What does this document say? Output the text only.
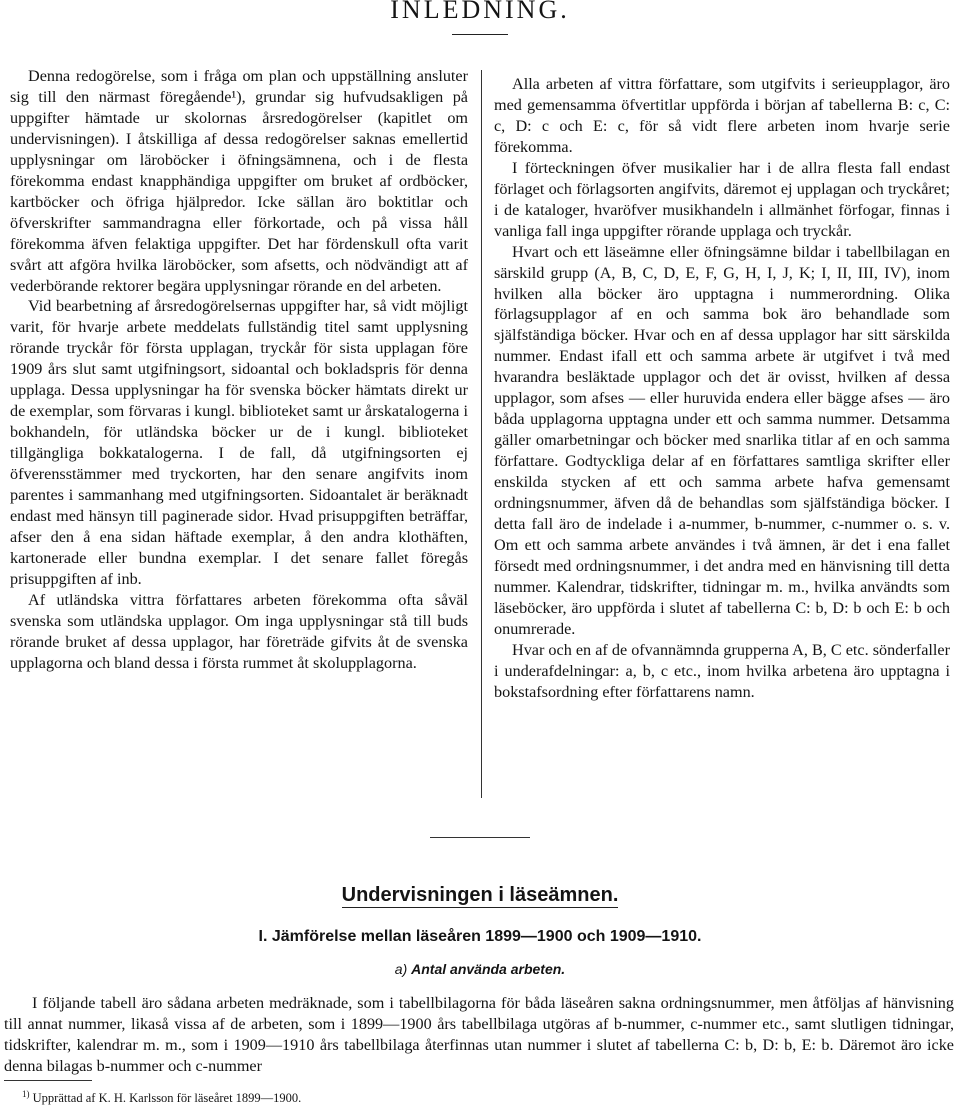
INLEDNING.

Denna redogörelse, som i fråga om plan och uppställning ansluter sig till den närmast föregående¹), grundar sig hufvudsakligen på uppgifter hämtade ur skolornas årsredogörelser (kapitlet om undervisningen). I åtskilliga af dessa redogörelser saknas emellertid upplysningar om läroböcker i öfningsämnena, och i de flesta förekomma endast knapphändiga uppgifter om bruket af ordböcker, kartböcker och öfriga hjälpredor. Icke sällan äro boktitlar och öfverskrifter sammandragna eller förkortade, och på vissa håll förekomma äfven felaktiga uppgifter. Det har fördenskull ofta varit svårt att afgöra hvilka läroböcker, som afsetts, och nödvändigt att af vederbörande rektorer begära upplysningar rörande en del arbeten.

Vid bearbetning af årsredogörelsernas uppgifter har, så vidt möjligt varit, för hvarje arbete meddelats fullständig titel samt upplysning rörande tryckår för första upplagan, tryckår för sista upplagan före 1909 års slut samt utgifningsort, sidoantal och bokladspris för denna upplaga. Dessa upplysningar ha för svenska böcker hämtats direkt ur de exemplar, som förvaras i kungl. biblioteket samt ur årskatalogerna i bokhandeln, för utländska böcker ur de i kungl. biblioteket tillgängliga bokkatalogerna. I de fall, då utgifningsorten ej öfverensstämmer med tryckorten, har den senare angifvits inom parentes i sammanhang med utgifningsorten. Sidoantalet är beräknadt endast med hänsyn till paginerade sidor. Hvad prisuppgiften beträffar, afser den å ena sidan häftade exemplar, å den andra klothäften, kartonerade eller bundna exemplar. I det senare fallet föregås prisuppgiften af inb.

Af utländska vittra författares arbeten förekomma ofta såväl svenska som utländska upplagor. Om inga upplysningar stå till buds rörande bruket af dessa upplagor, har företräde gifvits åt de svenska upplagorna och bland dessa i första rummet åt skolupplagorna.

Alla arbeten af vittra författare, som utgifvits i serieupplagor, äro med gemensamma öfvertitlar uppförda i början af tabellerna B: c, C: c, D: c och E: c, för så vidt flere arbeten inom hvarje serie förekomma.

I förteckningen öfver musikalier har i de allra flesta fall endast förlaget och förlagsorten angifvits, däremot ej upplagan och tryckåret; i de kataloger, hvaröfver musikhandeln i allmänhet förfogar, finnas i vanliga fall inga uppgifter rörande upplaga och tryckår.

Hvart och ett läseämne eller öfningsämne bildar i tabellbilagan en särskild grupp (A, B, C, D, E, F, G, H, I, J, K; I, II, III, IV), inom hvilken alla böcker äro upptagna i nummerordning. Olika förlagsupplagor af en och samma bok äro behandlade som själfständiga böcker. Hvar och en af dessa upplagor har sitt särskilda nummer. Endast ifall ett och samma arbete är utgifvet i två med hvarandra besläktade upplagor och det är ovisst, hvilken af dessa upplagor, som afses — eller huruvida endera eller bägge afses — äro båda upplagorna upptagna under ett och samma nummer. Detsamma gäller omarbetningar och böcker med snarlika titlar af en och samma författare. Godtyckliga delar af en författares samtliga skrifter eller enskilda stycken af ett och samma arbete hafva gemensamt ordningsnummer, äfven då de behandlas som själfständiga böcker. I detta fall äro de indelade i a-nummer, b-nummer, c-nummer o. s. v. Om ett och samma arbete användes i två ämnen, är det i ena fallet försedt med ordningsnummer, i det andra med en hänvisning till detta nummer. Kalendrar, tidskrifter, tidningar m. m., hvilka användts som läseböcker, äro uppförda i slutet af tabellerna C: b, D: b och E: b och onumrerade.

Hvar och en af de ofvannämnda grupperna A, B, C etc. sönderfaller i underafdelningar: a, b, c etc., inom hvilka arbetena äro upptagna i bokstafsordning efter författarens namn.

Undervisningen i läseämnen.
I. Jämförelse mellan läseåren 1899—1900 och 1909—1910.
a) Antal använda arbeten.

I följande tabell äro sådana arbeten medräknade, som i tabellbilagorna för båda läseåren sakna ordningsnummer, men åtföljas af hänvisning till annat nummer, likaså vissa af de arbeten, som i 1899—1900 års tabellbilaga utgöras af b-nummer, c-nummer etc., samt slutligen tidningar, tidskrifter, kalendrar m. m., som i 1909—1910 års tabellbilaga återfinnas utan nummer i slutet af tabellerna C: b, D: b, E: b. Däremot äro icke denna bilagas b-nummer och c-nummer

$^{1)}$ Upprättad af K. H. Karlsson för läseåret 1899—1900.
